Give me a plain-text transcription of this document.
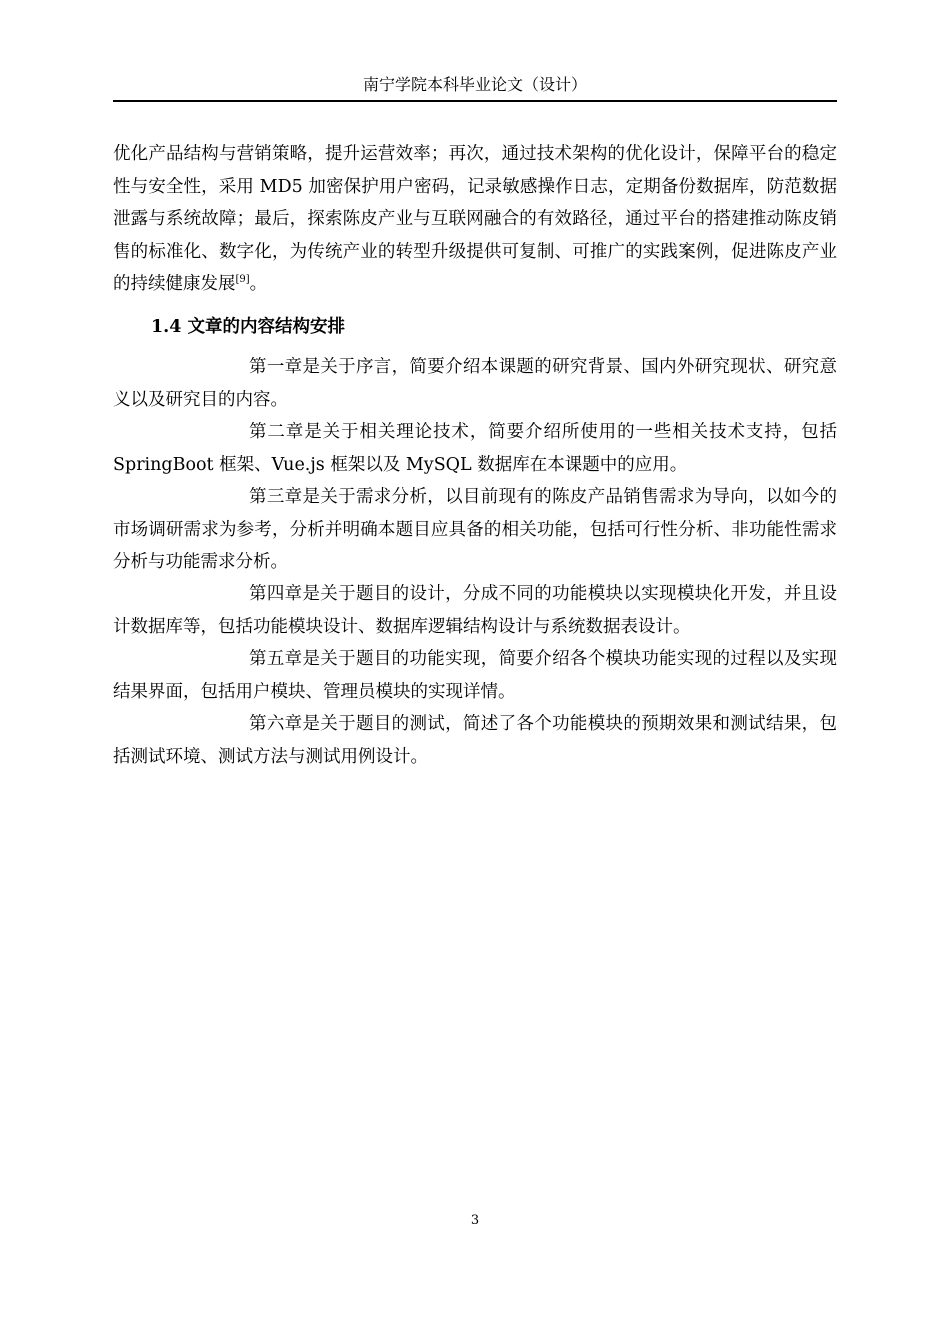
南宁学院本科毕业论文（设计）

优化产品结构与营销策略，提升运营效率；再次，通过技术架构的优化设计，保障平台的稳定性与安全性，采用 MD5 加密保护用户密码，记录敏感操作日志，定期备份数据库，防范数据泄露与系统故障；最后，探索陈皮产业与互联网融合的有效路径，通过平台的搭建推动陈皮销售的标准化、数字化，为传统产业的转型升级提供可复制、可推广的实践案例，促进陈皮产业的持续健康发展[9]。

1.4 文章的内容结构安排

第一章是关于序言，简要介绍本课题的研究背景、国内外研究现状、研究意义以及研究目的内容。

第二章是关于相关理论技术，简要介绍所使用的一些相关技术支持，包括 SpringBoot 框架、Vue.js 框架以及 MySQL 数据库在本课题中的应用。

第三章是关于需求分析，以目前现有的陈皮产品销售需求为导向，以如今的市场调研需求为参考，分析并明确本题目应具备的相关功能，包括可行性分析、非功能性需求分析与功能需求分析。

第四章是关于题目的设计，分成不同的功能模块以实现模块化开发，并且设计数据库等，包括功能模块设计、数据库逻辑结构设计与系统数据表设计。

第五章是关于题目的功能实现，简要介绍各个模块功能实现的过程以及实现结果界面，包括用户模块、管理员模块的实现详情。

第六章是关于题目的测试，简述了各个功能模块的预期效果和测试结果，包括测试环境、测试方法与测试用例设计。

3
